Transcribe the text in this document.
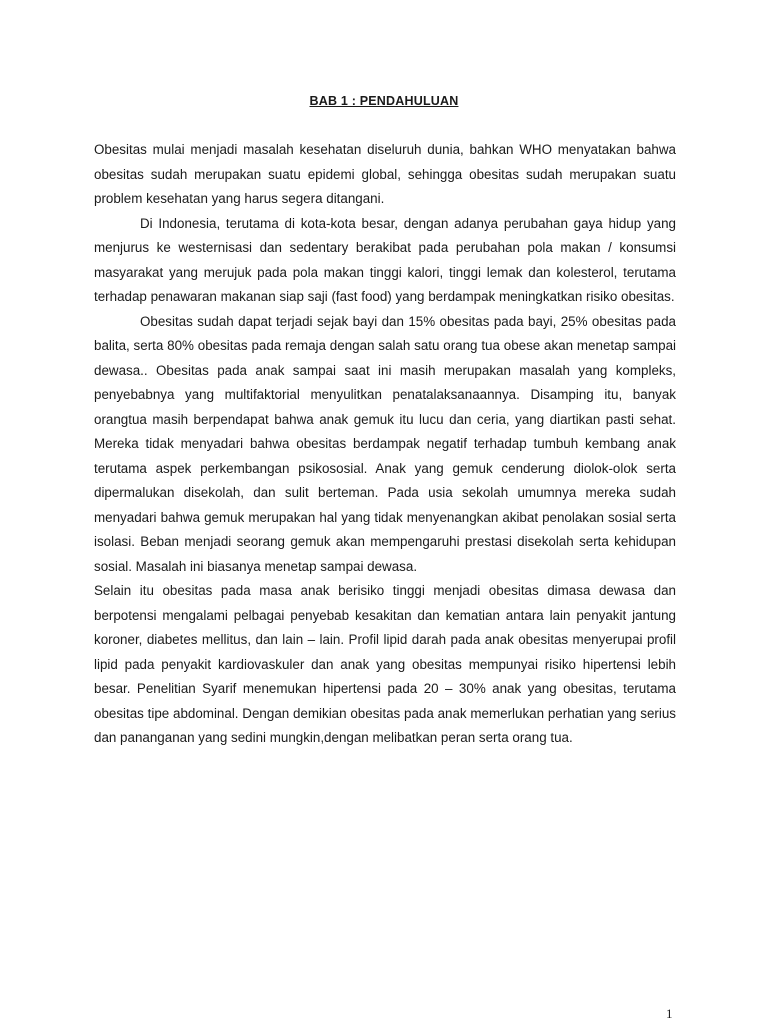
BAB 1 : PENDAHULUAN

Obesitas mulai menjadi masalah kesehatan diseluruh dunia, bahkan WHO menyatakan bahwa obesitas sudah merupakan suatu epidemi global, sehingga obesitas sudah merupakan suatu problem kesehatan yang harus segera ditangani.

Di Indonesia, terutama di kota-kota besar, dengan adanya perubahan gaya hidup yang menjurus ke westernisasi dan sedentary berakibat pada perubahan pola makan / konsumsi masyarakat yang merujuk pada pola makan tinggi kalori, tinggi lemak dan kolesterol, terutama terhadap penawaran makanan siap saji (fast food) yang berdampak meningkatkan risiko obesitas.

Obesitas sudah dapat terjadi sejak bayi dan 15% obesitas pada bayi, 25% obesitas pada balita, serta 80% obesitas pada remaja dengan salah satu orang tua obese akan menetap sampai dewasa.. Obesitas pada anak sampai saat ini masih merupakan masalah yang kompleks, penyebabnya yang multifaktorial menyulitkan penatalaksanaannya. Disamping itu, banyak orangtua masih berpendapat bahwa anak gemuk itu lucu dan ceria, yang diartikan pasti sehat. Mereka tidak menyadari bahwa obesitas berdampak negatif terhadap tumbuh kembang anak terutama aspek perkembangan psikososial. Anak yang gemuk cenderung diolok-olok serta dipermalukan disekolah, dan sulit berteman. Pada usia sekolah umumnya mereka sudah menyadari bahwa gemuk merupakan hal yang tidak menyenangkan akibat penolakan sosial serta isolasi. Beban menjadi seorang gemuk akan mempengaruhi prestasi disekolah serta kehidupan sosial. Masalah ini biasanya menetap sampai dewasa.

Selain itu obesitas pada masa anak berisiko tinggi menjadi obesitas dimasa dewasa dan berpotensi mengalami pelbagai penyebab kesakitan dan kematian antara lain penyakit jantung koroner, diabetes mellitus, dan lain – lain. Profil lipid darah pada anak obesitas menyerupai profil lipid pada penyakit kardiovaskuler dan anak yang obesitas mempunyai risiko hipertensi lebih besar. Penelitian Syarif menemukan hipertensi pada 20 – 30% anak yang obesitas, terutama obesitas tipe abdominal. Dengan demikian obesitas pada anak memerlukan perhatian yang serius dan pananganan yang sedini mungkin,dengan melibatkan peran serta orang tua.

1
